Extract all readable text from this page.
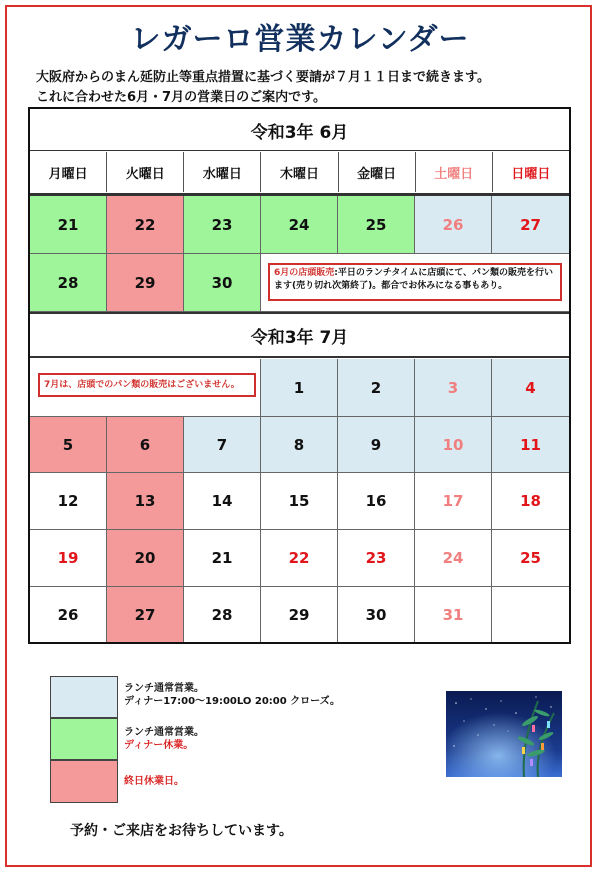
レガーロ営業カレンダー
大阪府からのまん延防止等重点措置に基づく要請が７月１１日まで続きます。
これに合わせた6月・7月の営業日のご案内です。
令和3年 6月
月曜日	火曜日	水曜日	木曜日	金曜日	土曜日	日曜日
21	22	23	24	25	26	27
28	29	30
6月の店頭販売:平日のランチタイムに店頭にて、パン類の販売を行います(売り切れ次第終了)。都合でお休みになる事もあり。
令和3年 7月
7月は、店頭でのパン類の販売はございません。	1	2	3	4
5	6	7	8	9	10	11
12	13	14	15	16	17	18
19	20	21	22	23	24	25
26	27	28	29	30	31
ランチ通常営業。
ディナー17:00～19:00LO 20:00 クローズ。
ランチ通常営業。
ディナー休業。
終日休業日。
予約・ご来店をお待ちしています。
